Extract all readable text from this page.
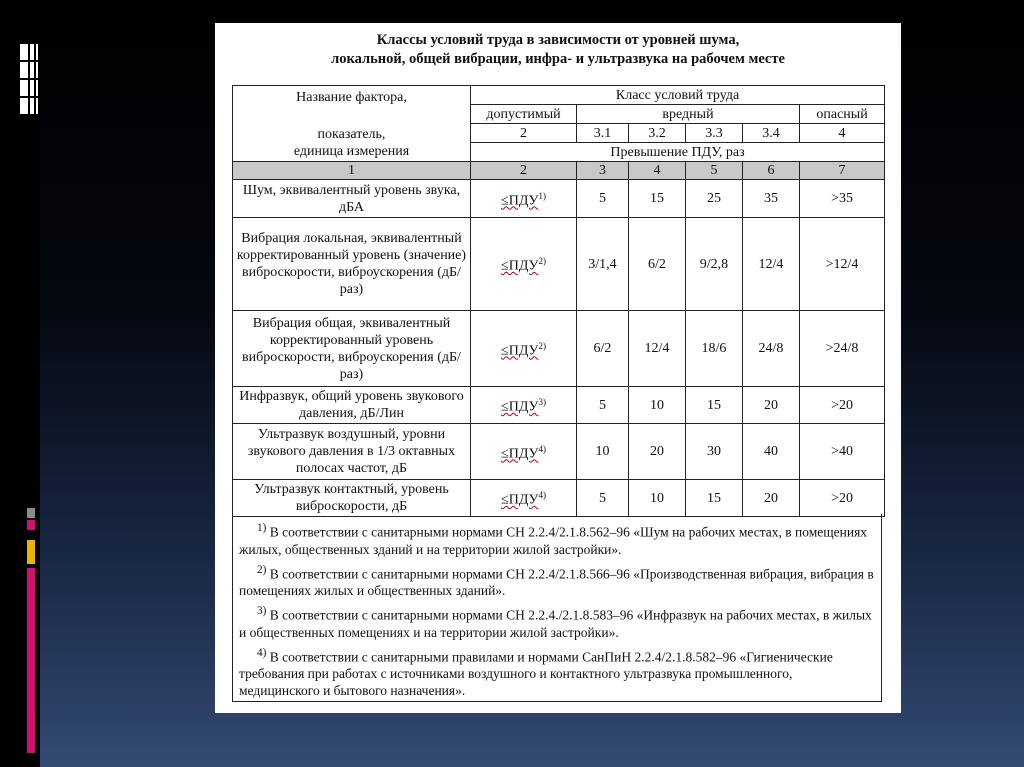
Классы условий труда в зависимости от уровней шума,
локальной, общей вибрации, инфра- и ультразвука на рабочем месте
Название фактора,
показатель,
единица измерения	Класс условий труда					
	допустимый	вредный				опасный
	2	3.1	3.2	3.3	3.4	4
	Превышение ПДУ, раз					
1	2	3	4	5	6	7
Шум, эквивалентный уровень звука, дБА	$\le ПДУ^{1)}$	5	15	25	35	>35
Вибрация локальная, эквивалентный корректированный уровень (значение) виброскорости, виброускорения (дБ/раз)	$\le ПДУ^{2)}$	3/1,4	6/2	9/2,8	12/4	>12/4
Вибрация общая, эквивалентный корректированный уровень виброскорости, виброускорения (дБ/раз)	$\le ПДУ^{2)}$	6/2	12/4	18/6	24/8	>24/8
Инфразвук, общий уровень звукового давления, дБ/Лин	$\le ПДУ^{3)}$	5	10	15	20	>20
Ультразвук воздушный, уровни звукового давления в 1/3 октавных полосах частот, дБ	$\le ПДУ^{4)}$	10	20	30	40	>40
Ультразвук контактный, уровень виброскорости, дБ	$\le ПДУ^{4)}$	5	10	15	20	>20

$^{1)}$ В соответствии с санитарными нормами СН 2.2.4/2.1.8.562–96 «Шум на рабочих местах, в помещениях жилых, общественных зданий и на территории жилой застройки».

$^{2)}$ В соответствии с санитарными нормами СН 2.2.4/2.1.8.566–96 «Производственная вибрация, вибрация в помещениях жилых и общественных зданий».

$^{3)}$ В соответствии с санитарными нормами СН 2.2.4./2.1.8.583–96 «Инфразвук на рабочих местах, в жилых и общественных помещениях и на территории жилой застройки».

$^{4)}$ В соответствии с санитарными правилами и нормами СанПиН 2.2.4/2.1.8.582–96 «Гигиенические требования при работах с источниками воздушного и контактного ультразвука промышленного, медицинского и бытового назначения».
